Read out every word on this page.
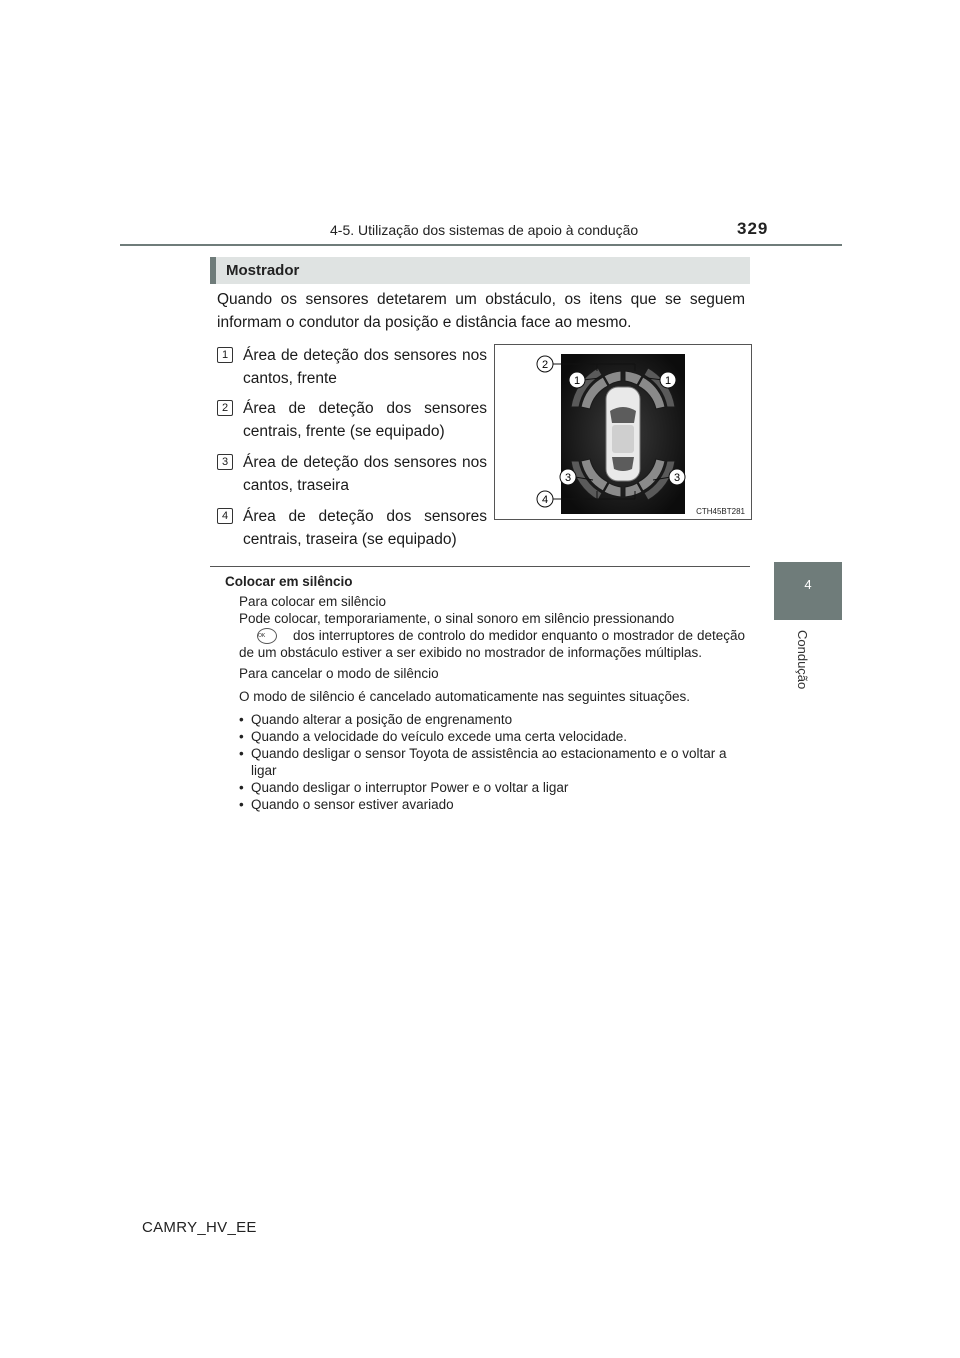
4-5. Utilização dos sistemas de apoio à condução	329
4
Condução
Mostrador
Quando os sensores detetarem um obstáculo, os itens que se seguem informam o condutor da posição e distância face ao mesmo.
1 Área de deteção dos sensores nos cantos, frente
2 Área de deteção dos sensores centrais, frente (se equipado)
3 Área de deteção dos sensores nos cantos, traseira
4 Área de deteção dos sensores centrais, traseira (se equipado)
2
1	1
3	3
4
CTH45BT281
Colocar em silêncio
Para colocar em silêncio
Pode colocar, temporariamente, o sinal sonoro em silêncio pressionando
OK dos interruptores de controlo do medidor enquanto o mostrador de deteção de um obstáculo estiver a ser exibido no mostrador de informações múltiplas.
Para cancelar o modo de silêncio
O modo de silêncio é cancelado automaticamente nas seguintes situações.
• Quando alterar a posição de engrenamento
• Quando a velocidade do veículo excede uma certa velocidade.
• Quando desligar o sensor Toyota de assistência ao estacionamento e o voltar a ligar
• Quando desligar o interruptor Power e o voltar a ligar
• Quando o sensor estiver avariado
CAMRY_HV_EE
